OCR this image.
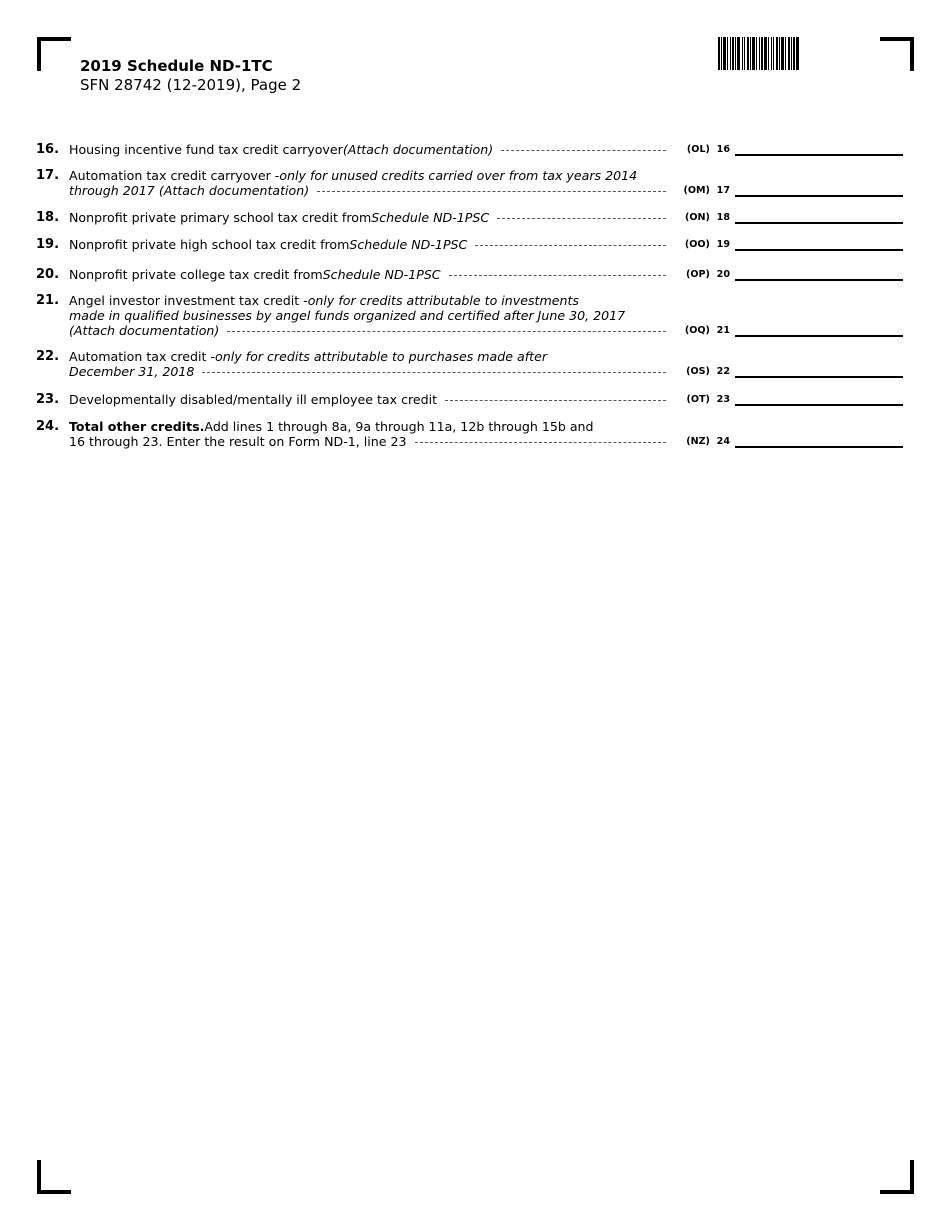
2019 Schedule ND-1TC
SFN 28742 (12-2019), Page 2
16. Housing incentive fund tax credit carryover (Attach documentation)	(OL) 16
17. Automation tax credit carryover - only for unused credits carried over from tax years 2014
through 2017 (Attach documentation)	(OM) 17
18. Nonprofit private primary school tax credit from Schedule ND-1PSC	(ON) 18
19. Nonprofit private high school tax credit from Schedule ND-1PSC	(OO) 19
20. Nonprofit private college tax credit from Schedule ND-1PSC	(OP) 20
21. Angel investor investment tax credit - only for credits attributable to investments
made in qualified businesses by angel funds organized and certified after June 30, 2017
(Attach documentation)	(OQ) 21
22. Automation tax credit - only for credits attributable to purchases made after
December 31, 2018	(OS) 22
23. Developmentally disabled/mentally ill employee tax credit	(OT) 23
24. Total other credits. Add lines 1 through 8a, 9a through 11a, 12b through 15b and
16 through 23. Enter the result on Form ND-1, line 23	(NZ) 24
